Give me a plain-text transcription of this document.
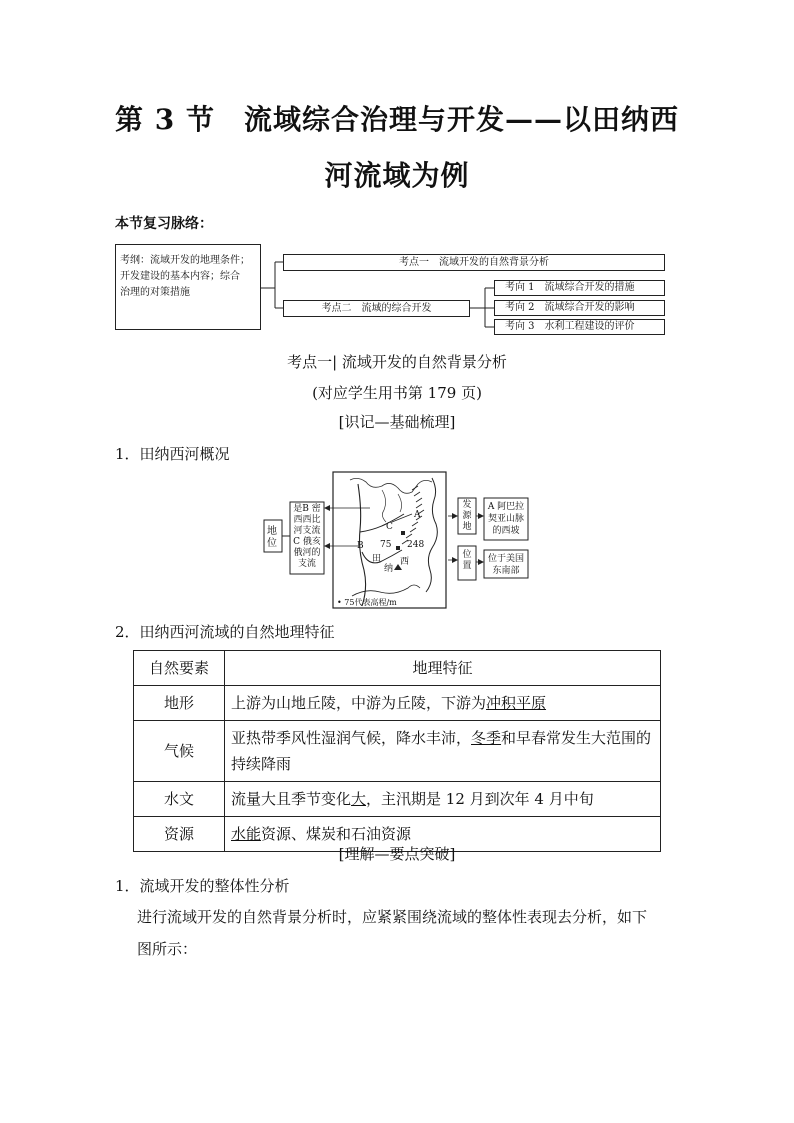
第 3 节　流域综合治理与开发——以田纳西
河流域为例
本节复习脉络：
考纲：流域开发的地理条件；
开发建设的基本内容；综合
治理的对策措施
考点一　流域开发的自然背景分析
考点二　流域的综合开发
考向 1　流域综合开发的措施
考向 2　流域综合开发的影响
考向 3　水利工程建设的评价
考点一| 流域开发的自然背景分析
(对应学生用书第 179 页)
[识记—基础梳理]
1．田纳西河概况
地位
是B 密
西西比
河支流
C 俄亥
俄河的
支流
发源地
A 阿巴拉
契亚山脉
的西坡
位置
位于美国
东南部
A
B
C
75 248
田
纳
西
• 75代表高程/m
2．田纳西河流域的自然地理特征
自然要素	地理特征
地形	上游为山地丘陵，中游为丘陵，下游为冲积平原
气候	亚热带季风性湿润气候，降水丰沛，冬季和早春常发生大范围的持续降雨
水文	流量大且季节变化大，主汛期是 12 月到次年 4 月中旬
资源	水能资源、煤炭和石油资源
[理解—要点突破]
1．流域开发的整体性分析
进行流域开发的自然背景分析时，应紧紧围绕流域的整体性表现去分析，如下
图所示：
